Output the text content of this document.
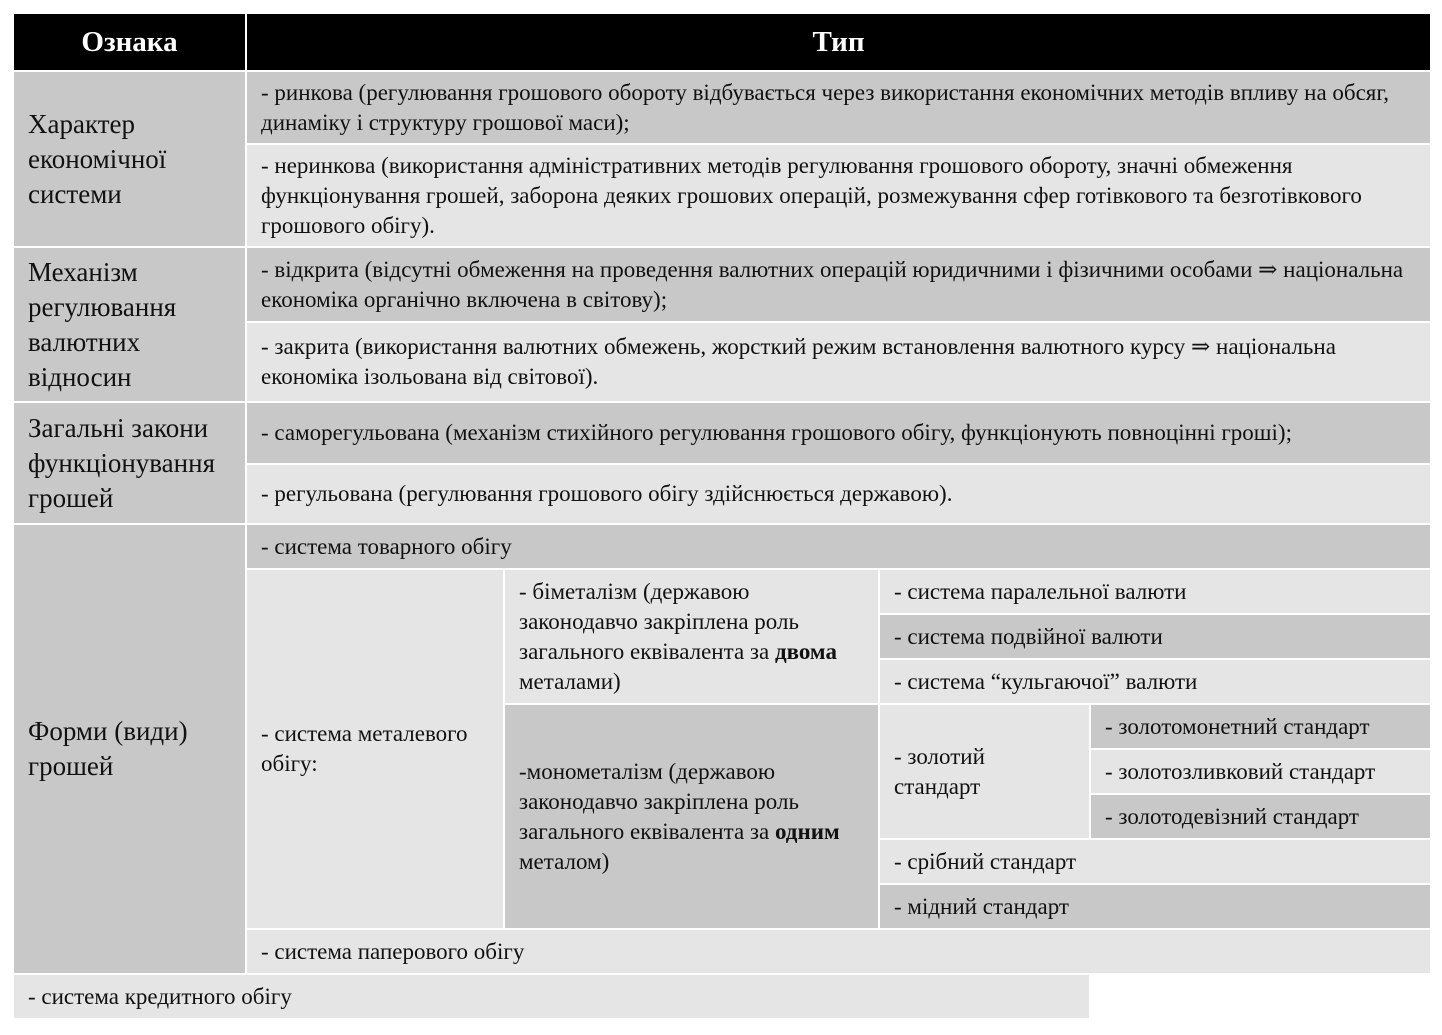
Ознака	Тип			
Характер економічної системи	- ринкова (регулювання грошового обороту відбувається через використання економічних методів впливу на обсяг, динаміку і структуру грошової маси);			
	- неринкова (використання адміністративних методів регулювання грошового обороту, значні обмеження функціонування грошей, заборона деяких грошових операцій, розмежування сфер готівкового та безготівкового грошового обігу).			
Механізм регулювання валютних відносин	- відкрита (відсутні обмеження на проведення валютних операцій юридичними і фізичними особами ⇒ національна економіка органічно включена в світову);			
	- закрита (використання валютних обмежень, жорсткий режим встановлення валютного курсу ⇒ національна економіка ізольована від світової).			
Загальні закони функціонування грошей	- саморегульована (механізм стихійного регулювання грошового обігу, функціонують повноцінні гроші);			
	- регульована (регулювання грошового обігу здійснюється державою).			
Форми (види) грошей	- система товарного обігу			
	- система металевого обігу:	- біметалізм (державою законодавчо закріплена роль загального еквівалента за двома металами)	- система паралельної валюти	
			- система подвійної валюти	
			- система “кульгаючої” валюти	
		-монометалізм (державою законодавчо закріплена роль загального еквівалента за одним металом)	- золотий стандарт	- золотомонетний стандарт
				- золотозливковий стандарт
				- золотодевізний стандарт
			- срібний стандарт	
			- мідний стандарт	
	- система паперового обігу			
- система кредитного обігу				
